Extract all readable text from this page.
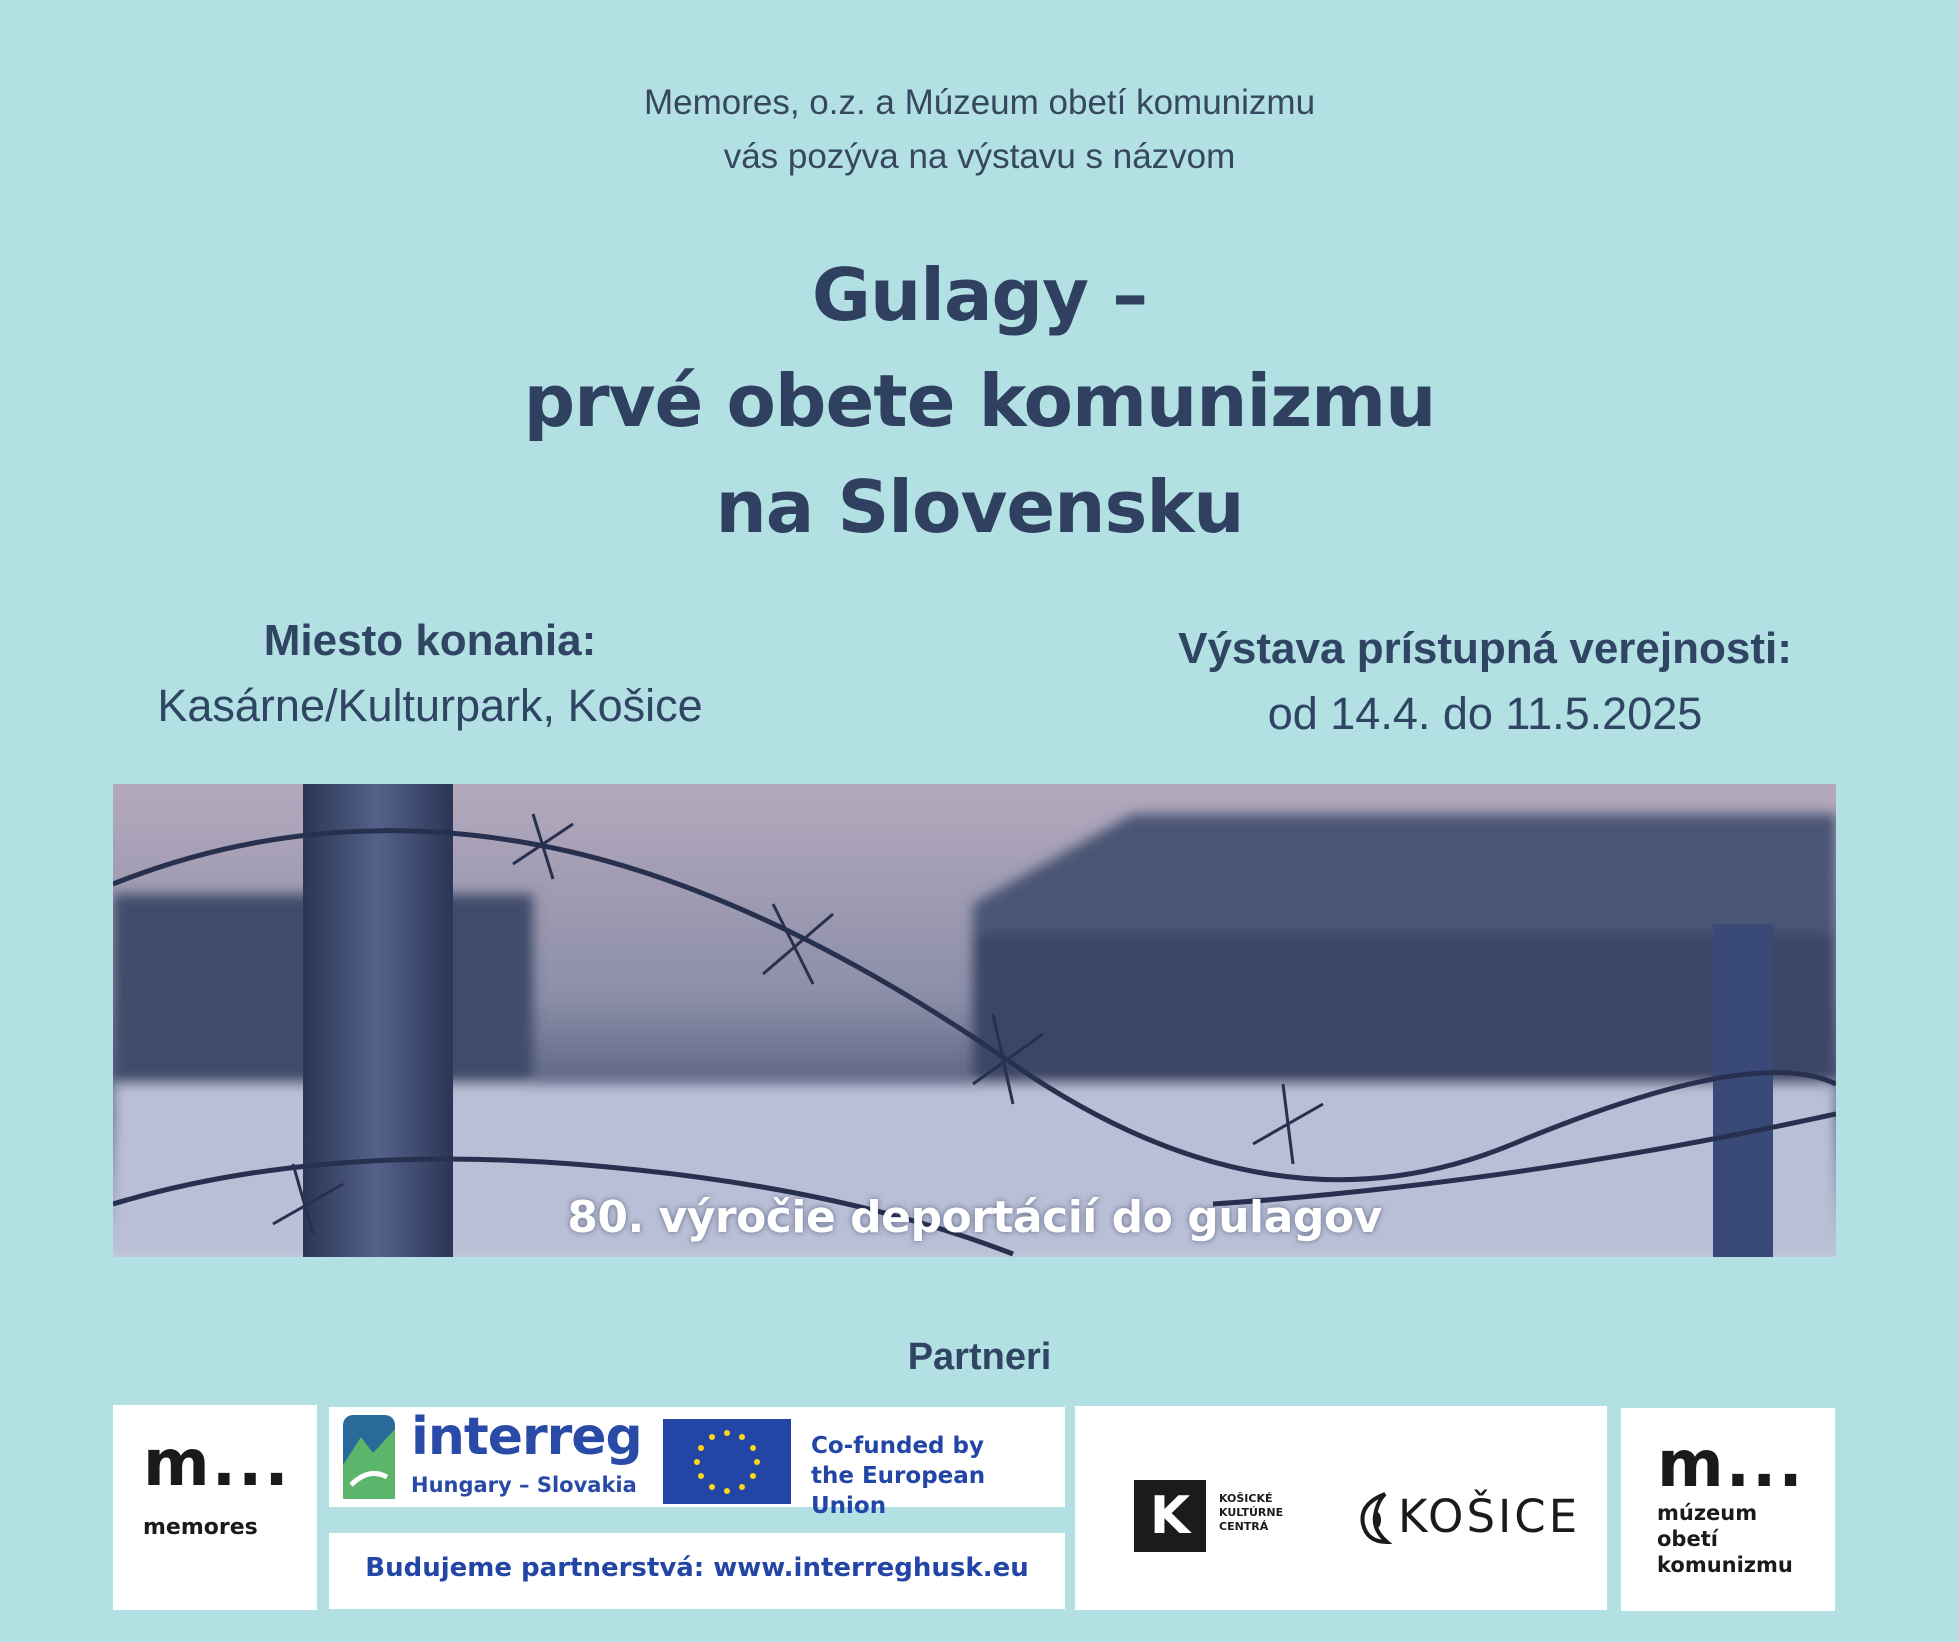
Memores, o.z. a Múzeum obetí komunizmu
vás pozýva na výstavu s názvom
Gulagy –
prvé obete komunizmu
na Slovensku
Miesto konania:
Kasárne/Kulturpark, Košice
Výstava prístupná verejnosti:
od 14.4. do 11.5.2025
80. výročie deportácií do gulagov
Partneri
m...
memores
interreg
Hungary – Slovakia
Co-funded by
the European Union
Budujeme partnerstvá: www.interreghusk.eu
K	KOŠICKÉ
KULTÚRNE
CENTRÁ	KOŠICE
m...
múzeum
obetí
komunizmu
